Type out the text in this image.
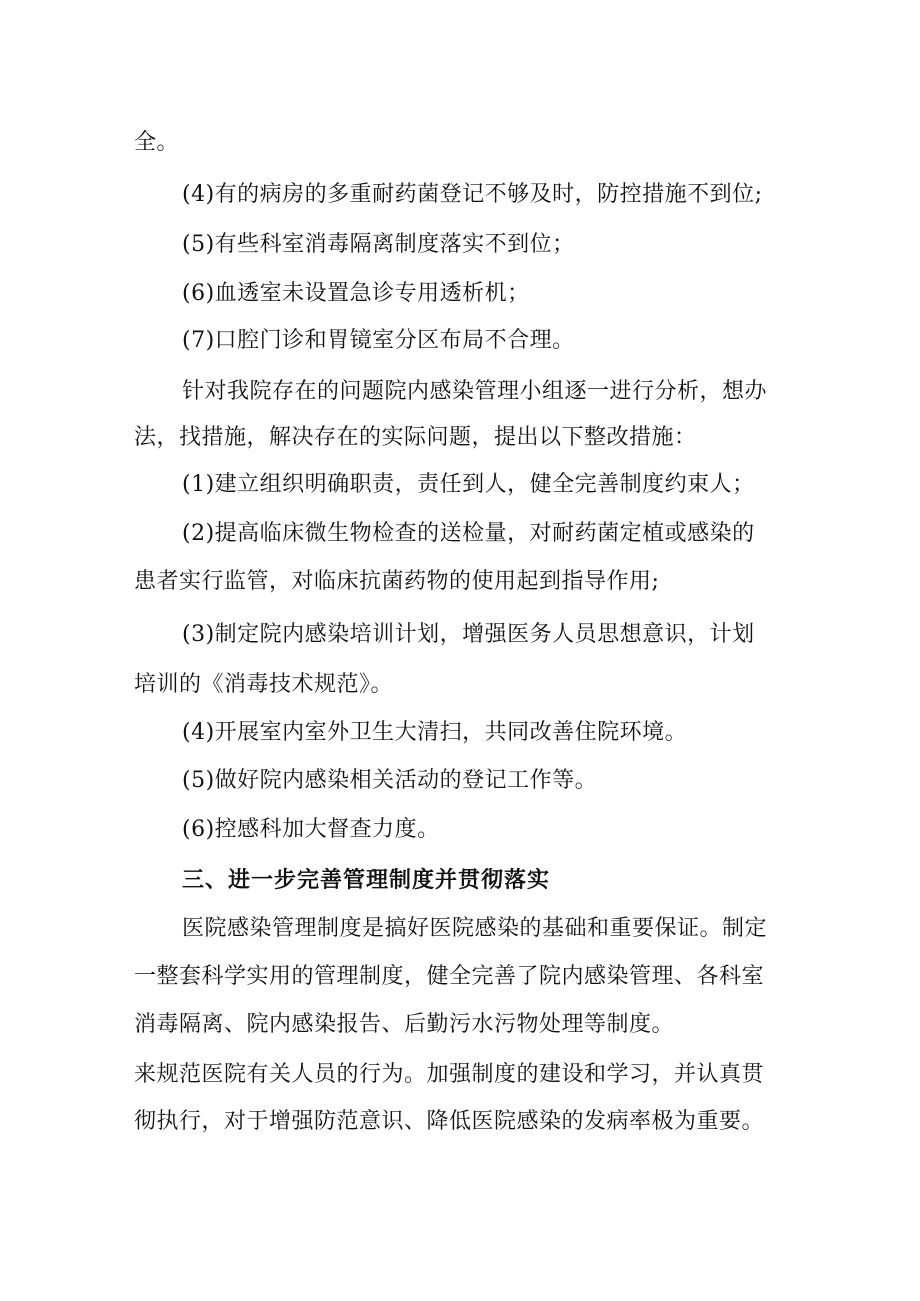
全。
(4)有的病房的多重耐药菌登记不够及时，防控措施不到位;
(5)有些科室消毒隔离制度落实不到位；
(6)血透室未设置急诊专用透析机；
(7)口腔门诊和胃镜室分区布局不合理。
针对我院存在的问题院内感染管理小组逐一进行分析，想办
法，找措施，解决存在的实际问题，提出以下整改措施：
(1)建立组织明确职责，责任到人，健全完善制度约束人；
(2)提高临床微生物检查的送检量，对耐药菌定植或感染的
患者实行监管，对临床抗菌药物的使用起到指导作用;
(3)制定院内感染培训计划，增强医务人员思想意识，计划
培训的《消毒技术规范》。
(4)开展室内室外卫生大清扫，共同改善住院环境。
(5)做好院内感染相关活动的登记工作等。
(6)控感科加大督查力度。
三、进一步完善管理制度并贯彻落实
医院感染管理制度是搞好医院感染的基础和重要保证。制定
一整套科学实用的管理制度，健全完善了院内感染管理、各科室
消毒隔离、院内感染报告、后勤污水污物处理等制度。
来规范医院有关人员的行为。加强制度的建设和学习，并认真贯
彻执行，对于增强防范意识、降低医院感染的发病率极为重要。
